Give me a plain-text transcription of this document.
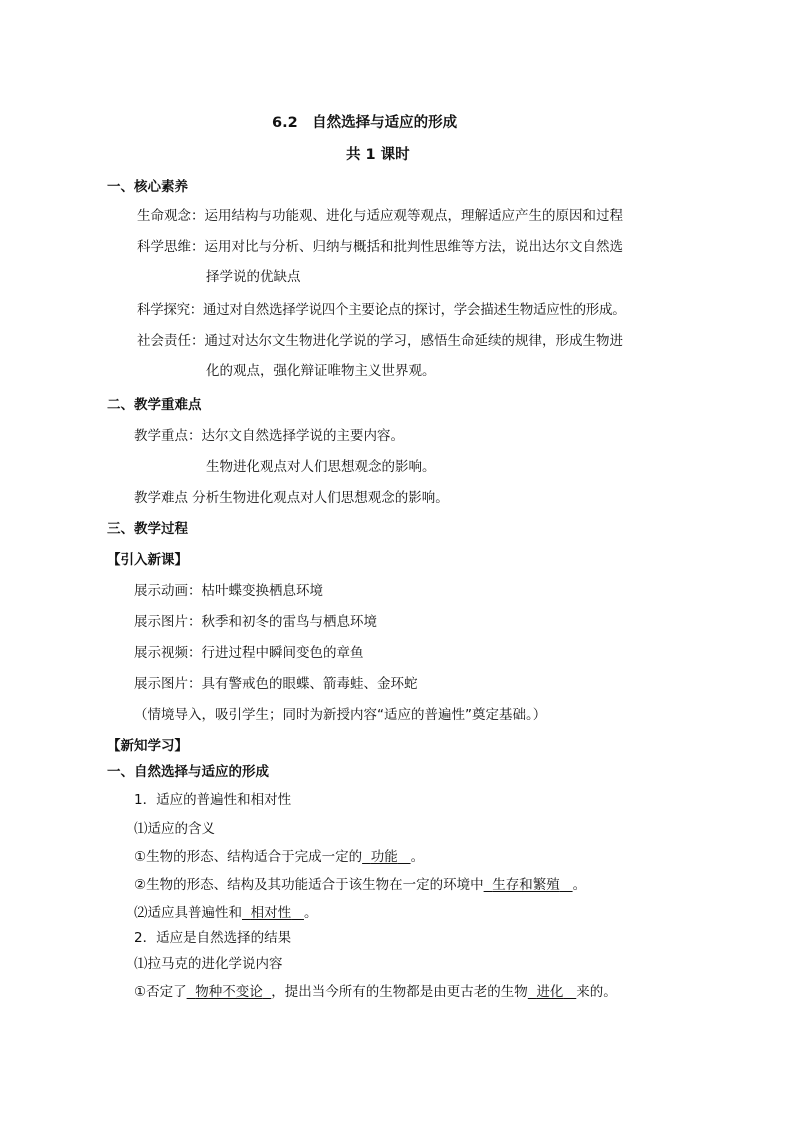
6.2　自然选择与适应的形成
共 1 课时
一、核心素养
生命观念：运用结构与功能观、进化与适应观等观点，理解适应产生的原因和过程
科学思维：运用对比与分析、归纳与概括和批判性思维等方法，说出达尔文自然选
择学说的优缺点
科学探究：通过对自然选择学说四个主要论点的探讨，学会描述生物适应性的形成。
社会责任：通过对达尔文生物进化学说的学习，感悟生命延续的规律，形成生物进
化的观点，强化辩证唯物主义世界观。
二、教学重难点
教学重点：达尔文自然选择学说的主要内容。
生物进化观点对人们思想观念的影响。
教学难点 分析生物进化观点对人们思想观念的影响。
三、教学过程
【引入新课】
展示动画：枯叶蝶变换栖息环境
展示图片：秋季和初冬的雷鸟与栖息环境
展示视频：行进过程中瞬间变色的章鱼
展示图片：具有警戒色的眼蝶、箭毒蛙、金环蛇
（情境导入，吸引学生；同时为新授内容“适应的普遍性”奠定基础。）
【新知学习】
一、自然选择与适应的形成
1．适应的普遍性和相对性
⑴适应的含义
①生物的形态、结构适合于完成一定的 功能 。
②生物的形态、结构及其功能适合于该生物在一定的环境中 生存和繁殖 。
⑵适应具普遍性和 相对性 。
2．适应是自然选择的结果
⑴拉马克的进化学说内容
①否定了 物种不变论 ，提出当今所有的生物都是由更古老的生物 进化 来的。
